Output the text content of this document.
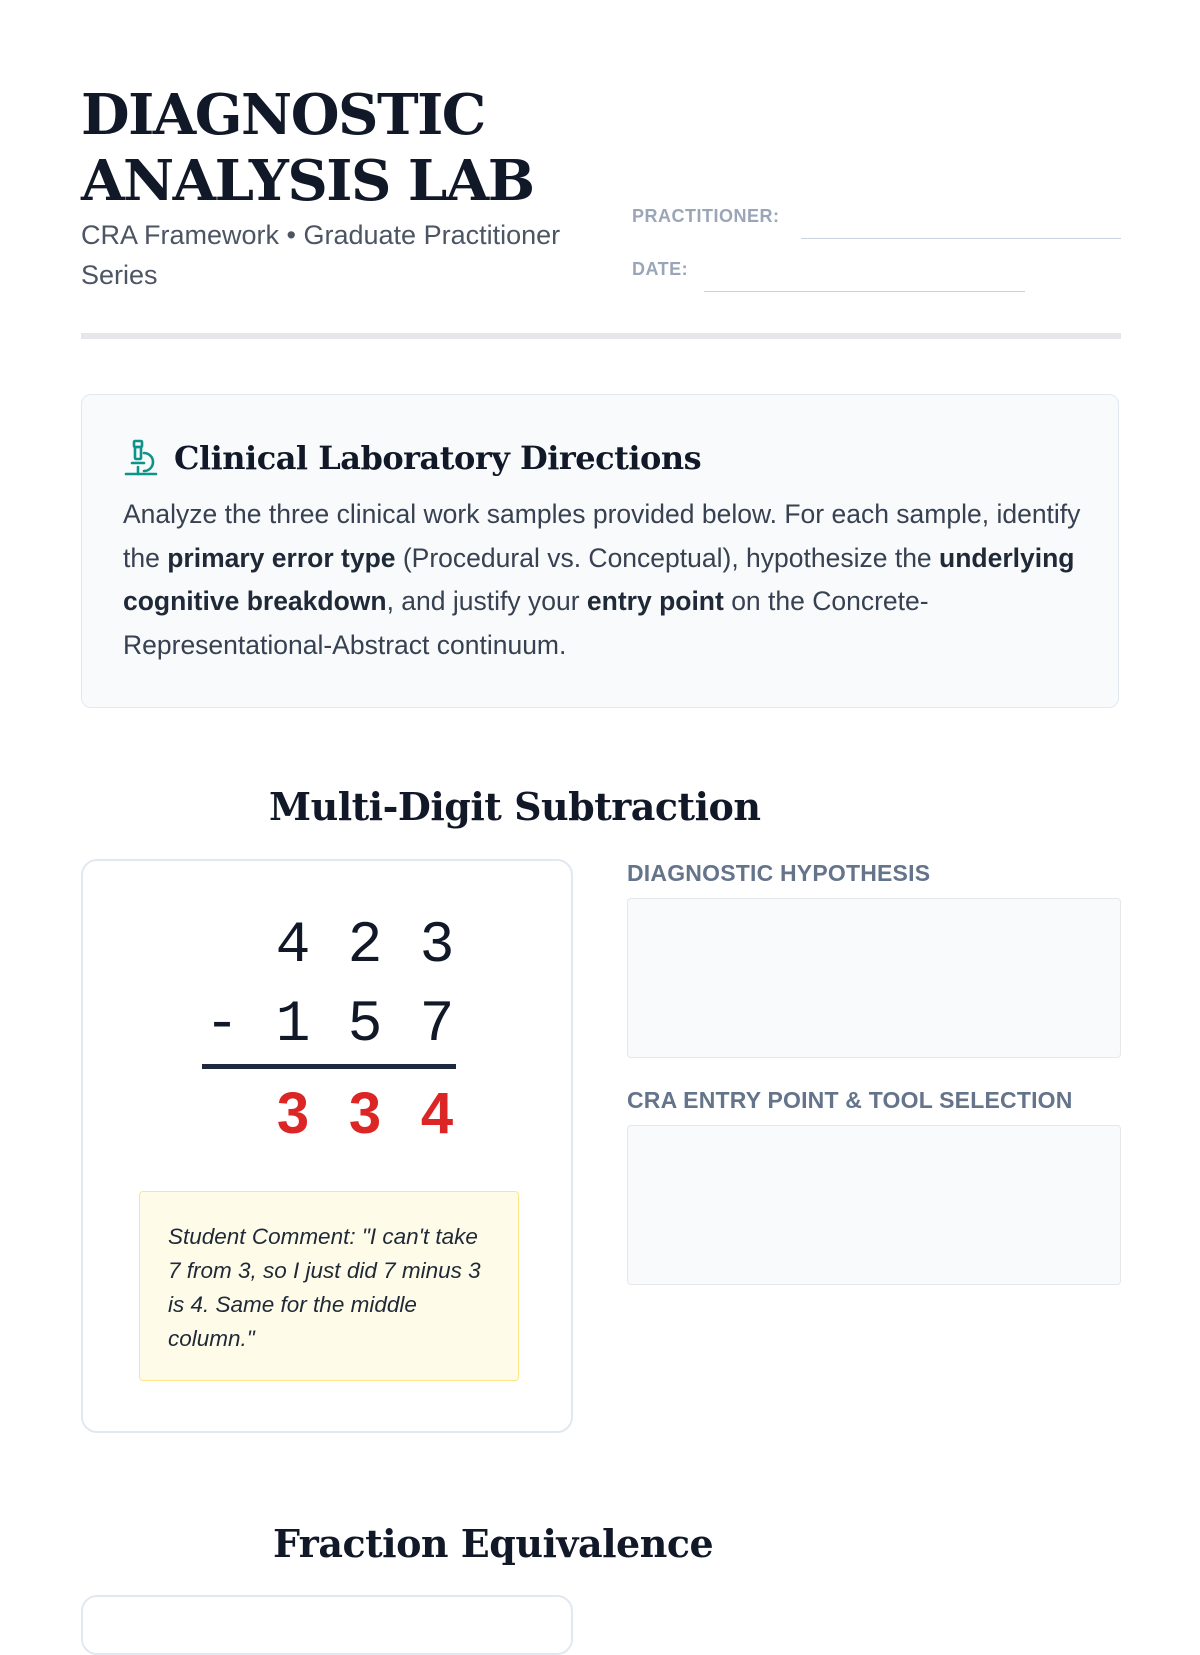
DIAGNOSTIC
ANALYSIS LAB
CRA Framework • Graduate Practitioner Series
PRACTITIONER:
DATE:
Clinical Laboratory Directions
Analyze the three clinical work samples provided below. For each sample, identify the primary error type (Procedural vs. Conceptual), hypothesize the underlying cognitive breakdown, and justify your entry point on the Concrete-Representational-Abstract continuum.
Multi-Digit Subtraction
4 2 3
- 1 5 7
3 3 4
Student Comment: "I can't take 7 from 3, so I just did 7 minus 3 is 4. Same for the middle column."
DIAGNOSTIC HYPOTHESIS
CRA ENTRY POINT & TOOL SELECTION
Fraction Equivalence
